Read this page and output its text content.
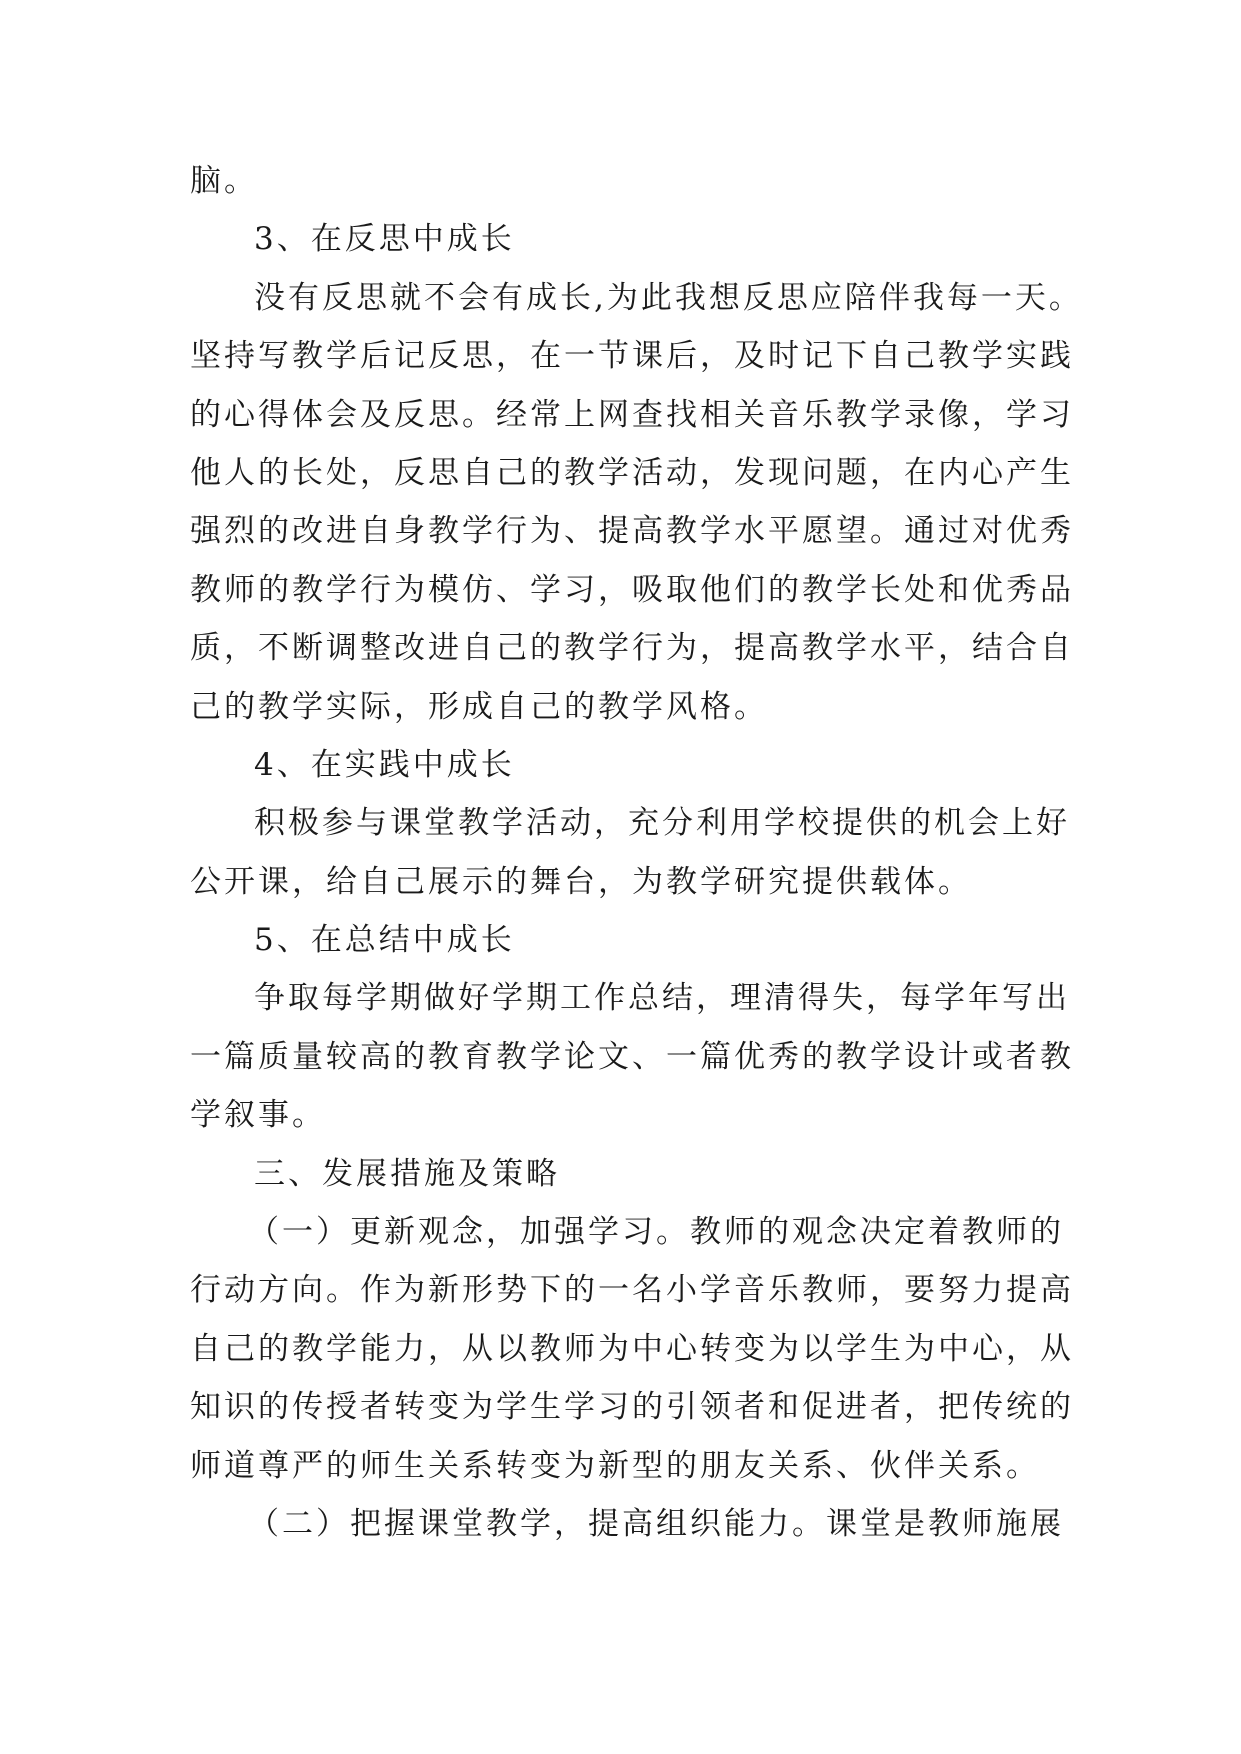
脑。
3、在反思中成长
没有反思就不会有成长,为此我想反思应陪伴我每一天。
坚持写教学后记反思，在一节课后，及时记下自己教学实践
的心得体会及反思。经常上网查找相关音乐教学录像，学习
他人的长处，反思自己的教学活动，发现问题，在内心产生
强烈的改进自身教学行为、提高教学水平愿望。通过对优秀
教师的教学行为模仿、学习，吸取他们的教学长处和优秀品
质，不断调整改进自己的教学行为，提高教学水平，结合自
己的教学实际，形成自己的教学风格。
4、在实践中成长
积极参与课堂教学活动，充分利用学校提供的机会上好
公开课，给自己展示的舞台，为教学研究提供载体。
5、在总结中成长
争取每学期做好学期工作总结，理清得失，每学年写出
一篇质量较高的教育教学论文、一篇优秀的教学设计或者教
学叙事。
三、发展措施及策略
（一）更新观念，加强学习。教师的观念决定着教师的
行动方向。作为新形势下的一名小学音乐教师，要努力提高
自己的教学能力，从以教师为中心转变为以学生为中心，从
知识的传授者转变为学生学习的引领者和促进者，把传统的
师道尊严的师生关系转变为新型的朋友关系、伙伴关系。
（二）把握课堂教学，提高组织能力。课堂是教师施展
